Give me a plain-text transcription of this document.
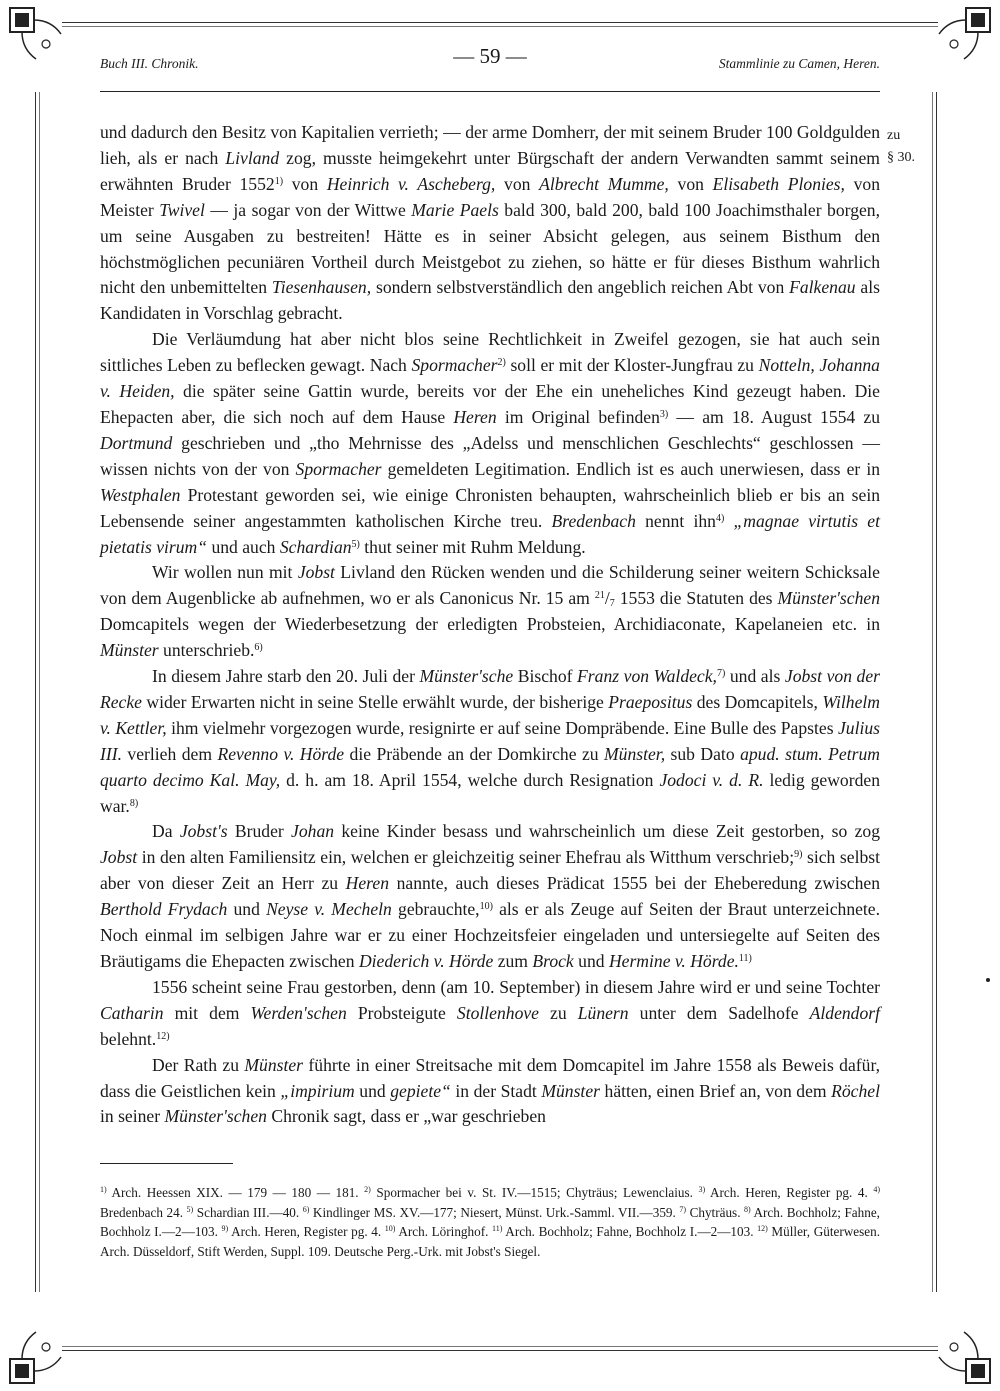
Buch III. Chronik.	— 59 —	Stammlinie zu Camen, Heren.
zu
§ 30.

und dadurch den Besitz von Kapitalien verrieth; — der arme Domherr, der mit seinem Bruder 100 Goldgulden lieh, als er nach Livland zog, musste heimgekehrt unter Bürgschaft der andern Verwandten sammt seinem erwähnten Bruder 1552$^{1)}$ von Heinrich v. Ascheberg, von Albrecht Mumme, von Elisabeth Plonies, von Meister Twivel — ja sogar von der Wittwe Marie Paels bald 300, bald 200, bald 100 Joachimsthaler borgen, um seine Ausgaben zu bestreiten! Hätte es in seiner Absicht gelegen, aus seinem Bisthum den höchstmöglichen pecuniären Vortheil durch Meistgebot zu ziehen, so hätte er für dieses Bisthum wahrlich nicht den unbemittelten Tiesenhausen, sondern selbstverständlich den angeblich reichen Abt von Falkenau als Kandidaten in Vorschlag gebracht.

Die Verläumdung hat aber nicht blos seine Rechtlichkeit in Zweifel gezogen, sie hat auch sein sittliches Leben zu beflecken gewagt. Nach Spormacher$^{2)}$ soll er mit der Kloster-Jungfrau zu Notteln, Johanna v. Heiden, die später seine Gattin wurde, bereits vor der Ehe ein uneheliches Kind gezeugt haben. Die Ehepacten aber, die sich noch auf dem Hause Heren im Original befinden$^{3)}$ — am 18. August 1554 zu Dortmund geschrieben und „tho Mehrnisse des „Adelss und menschlichen Geschlechts“ geschlossen — wissen nichts von der von Spormacher gemeldeten Legitimation. Endlich ist es auch unerwiesen, dass er in Westphalen Protestant geworden sei, wie einige Chronisten behaupten, wahrscheinlich blieb er bis an sein Lebensende seiner angestammten katholischen Kirche treu. Bredenbach nennt ihn$^{4)}$ „magnae virtutis et pietatis virum“ und auch Schardian$^{5)}$ thut seiner mit Ruhm Meldung.

Wir wollen nun mit Jobst Livland den Rücken wenden und die Schilderung seiner weitern Schicksale von dem Augenblicke ab aufnehmen, wo er als Canonicus Nr. 15 am $^{21}/_7$ 1553 die Statuten des Münster'schen Domcapitels wegen der Wiederbesetzung der erledigten Probsteien, Archidiaconate, Kapelaneien etc. in Münster unterschrieb.$^{6)}$

In diesem Jahre starb den 20. Juli der Münster'sche Bischof Franz von Waldeck,$^{7)}$ und als Jobst von der Recke wider Erwarten nicht in seine Stelle erwählt wurde, der bisherige Praepositus des Domcapitels, Wilhelm v. Kettler, ihm vielmehr vorgezogen wurde, resignirte er auf seine Dompräbende. Eine Bulle des Papstes Julius III. verlieh dem Revenno v. Hörde die Präbende an der Domkirche zu Münster, sub Dato apud. stum. Petrum quarto decimo Kal. May, d. h. am 18. April 1554, welche durch Resignation Jodoci v. d. R. ledig geworden war.$^{8)}$

Da Jobst's Bruder Johan keine Kinder besass und wahrscheinlich um diese Zeit gestorben, so zog Jobst in den alten Familiensitz ein, welchen er gleichzeitig seiner Ehefrau als Witthum verschrieb;$^{9)}$ sich selbst aber von dieser Zeit an Herr zu Heren nannte, auch dieses Prädicat 1555 bei der Eheberedung zwischen Berthold Frydach und Neyse v. Mecheln gebrauchte,$^{10)}$ als er als Zeuge auf Seiten der Braut unterzeichnete. Noch einmal im selbigen Jahre war er zu einer Hochzeitsfeier eingeladen und untersiegelte auf Seiten des Bräutigams die Ehepacten zwischen Diederich v. Hörde zum Brock und Hermine v. Hörde.$^{11)}$

1556 scheint seine Frau gestorben, denn (am 10. September) in diesem Jahre wird er und seine Tochter Catharin mit dem Werden'schen Probsteigute Stollenhove zu Lünern unter dem Sadelhofe Aldendorf belehnt.$^{12)}$

Der Rath zu Münster führte in einer Streitsache mit dem Domcapitel im Jahre 1558 als Beweis dafür, dass die Geistlichen kein „impirium und gepiete“ in der Stadt Münster hätten, einen Brief an, von dem Röchel in seiner Münster'schen Chronik sagt, dass er „war geschrieben

$^{1)}$ Arch. Heessen XIX. — 179 — 180 — 181. $^{2)}$ Spormacher bei v. St. IV.—1515; Chyträus; Lewenclaius. $^{3)}$ Arch. Heren, Register pg. 4. $^{4)}$ Bredenbach 24. $^{5)}$ Schardian III.—40. $^{6)}$ Kindlinger MS. XV.—177; Niesert, Münst. Urk.-Samml. VII.—359. $^{7)}$ Chyträus. $^{8)}$ Arch. Bochholz; Fahne, Bochholz I.—2—103. $^{9)}$ Arch. Heren, Register pg. 4. $^{10)}$ Arch. Löringhof. $^{11)}$ Arch. Bochholz; Fahne, Bochholz I.—2—103. $^{12)}$ Müller, Güterwesen. Arch. Düsseldorf, Stift Werden, Suppl. 109. Deutsche Perg.-Urk. mit Jobst's Siegel.
